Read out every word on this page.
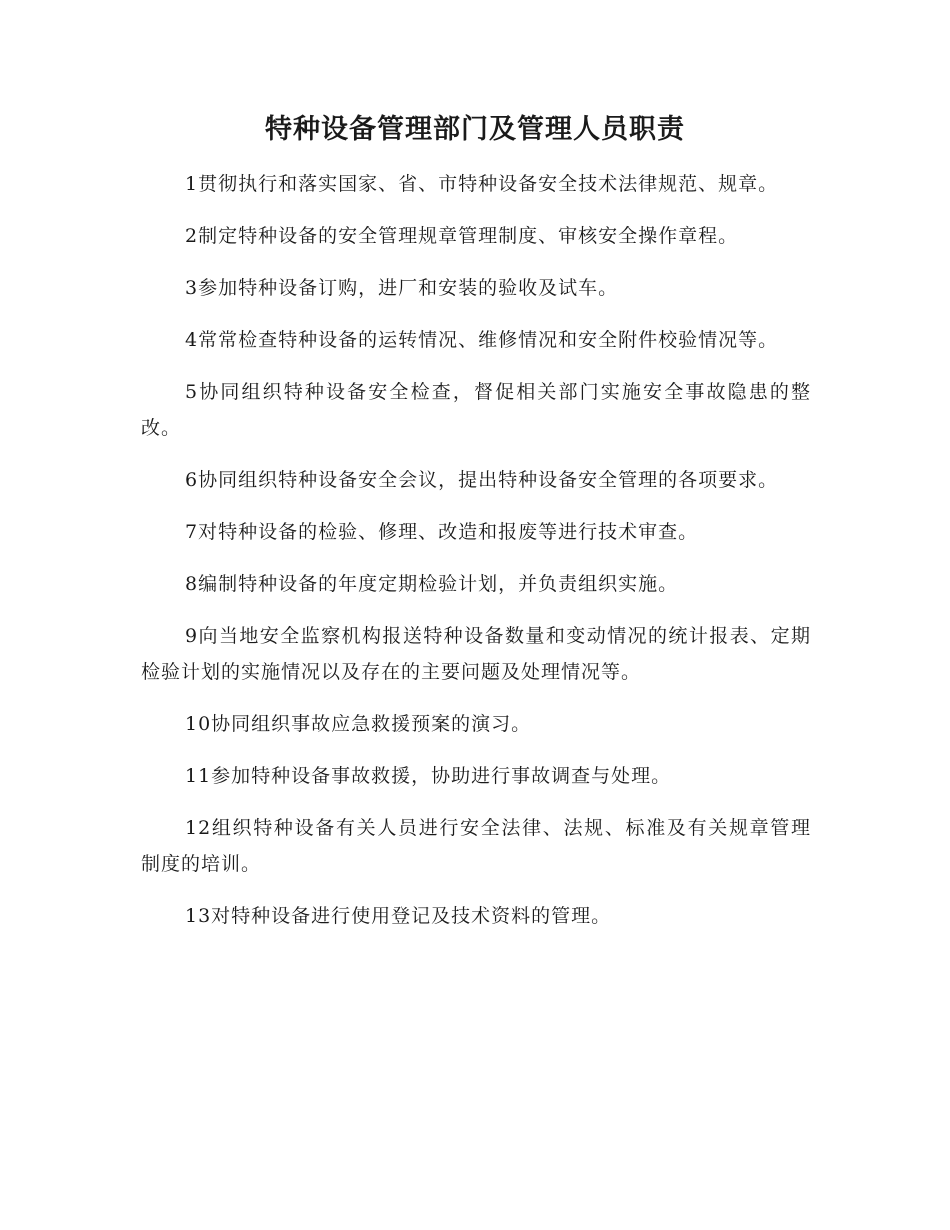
特种设备管理部门及管理人员职责
1贯彻执行和落实国家、省、市特种设备安全技术法律规范、规章。
2制定特种设备的安全管理规章管理制度、审核安全操作章程。
3参加特种设备订购，进厂和安装的验收及试车。
4常常检查特种设备的运转情况、维修情况和安全附件校验情况等。
5协同组织特种设备安全检查，督促相关部门实施安全事故隐患的整改。
6协同组织特种设备安全会议，提出特种设备安全管理的各项要求。
7对特种设备的检验、修理、改造和报废等进行技术审查。
8编制特种设备的年度定期检验计划，并负责组织实施。
9向当地安全监察机构报送特种设备数量和变动情况的统计报表、定期检验计划的实施情况以及存在的主要问题及处理情况等。
10协同组织事故应急救援预案的演习。
11参加特种设备事故救援，协助进行事故调查与处理。
12组织特种设备有关人员进行安全法律、法规、标准及有关规章管理制度的培训。
13对特种设备进行使用登记及技术资料的管理。
